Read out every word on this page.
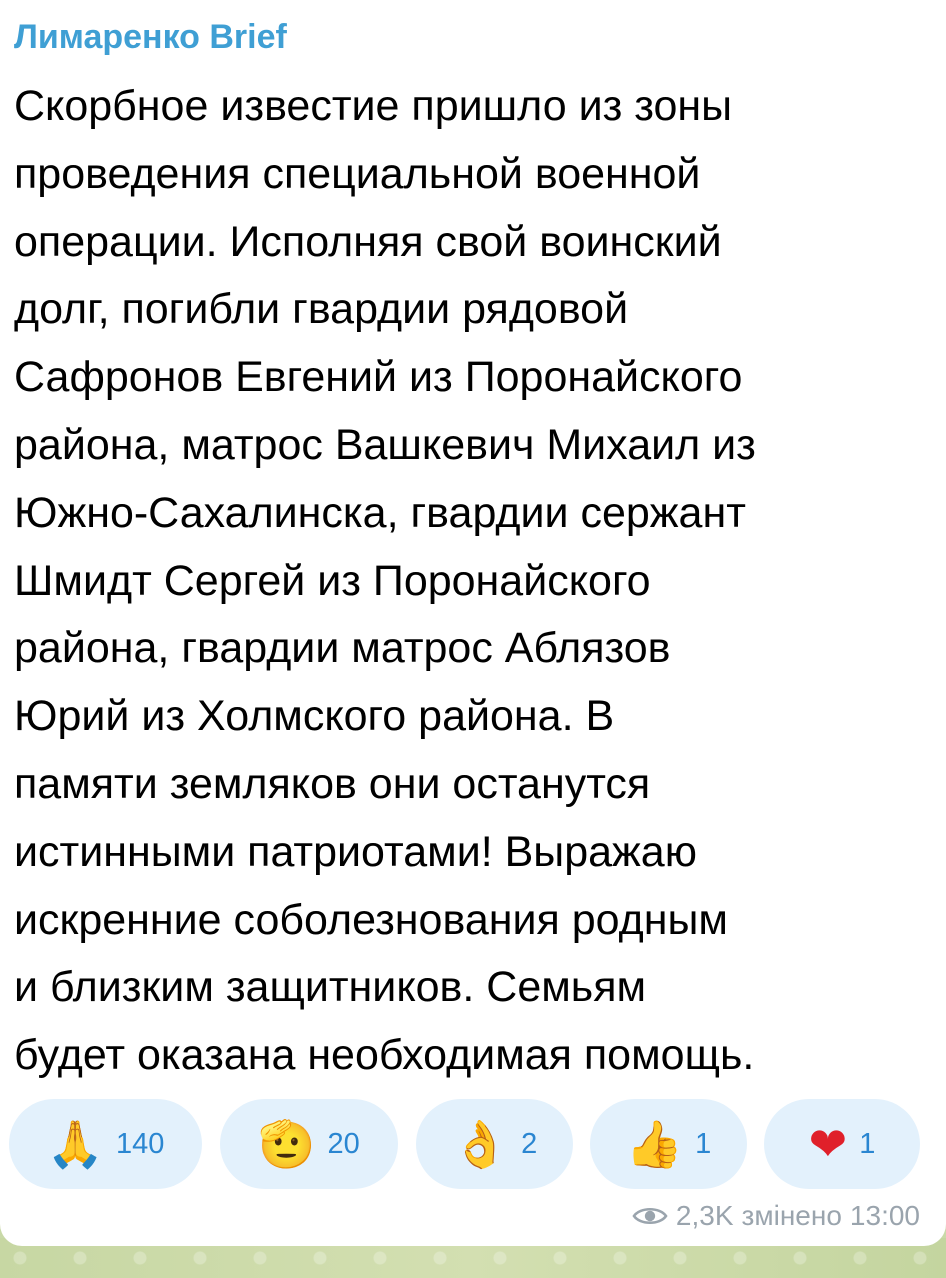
Лимаренко Brief
Скорбное известие пришло из зоны
проведения специальной военной
операции. Исполняя свой воинский
долг, погибли гвардии рядовой
Сафронов Евгений из Поронайского
района, матрос Вашкевич Михаил из
Южно-Сахалинска, гвардии сержант
Шмидт Сергей из Поронайского
района, гвардии матрос Аблязов
Юрий из Холмского района. В
памяти земляков они останутся
истинными патриотами! Выражаю
искренние соболезнования родным
и близким защитников. Семьям
будет оказана необходимая помощь.
🙏 140 🫡 20 👌 2 👍 1 ❤ 1
2,3K змінено 13:00
